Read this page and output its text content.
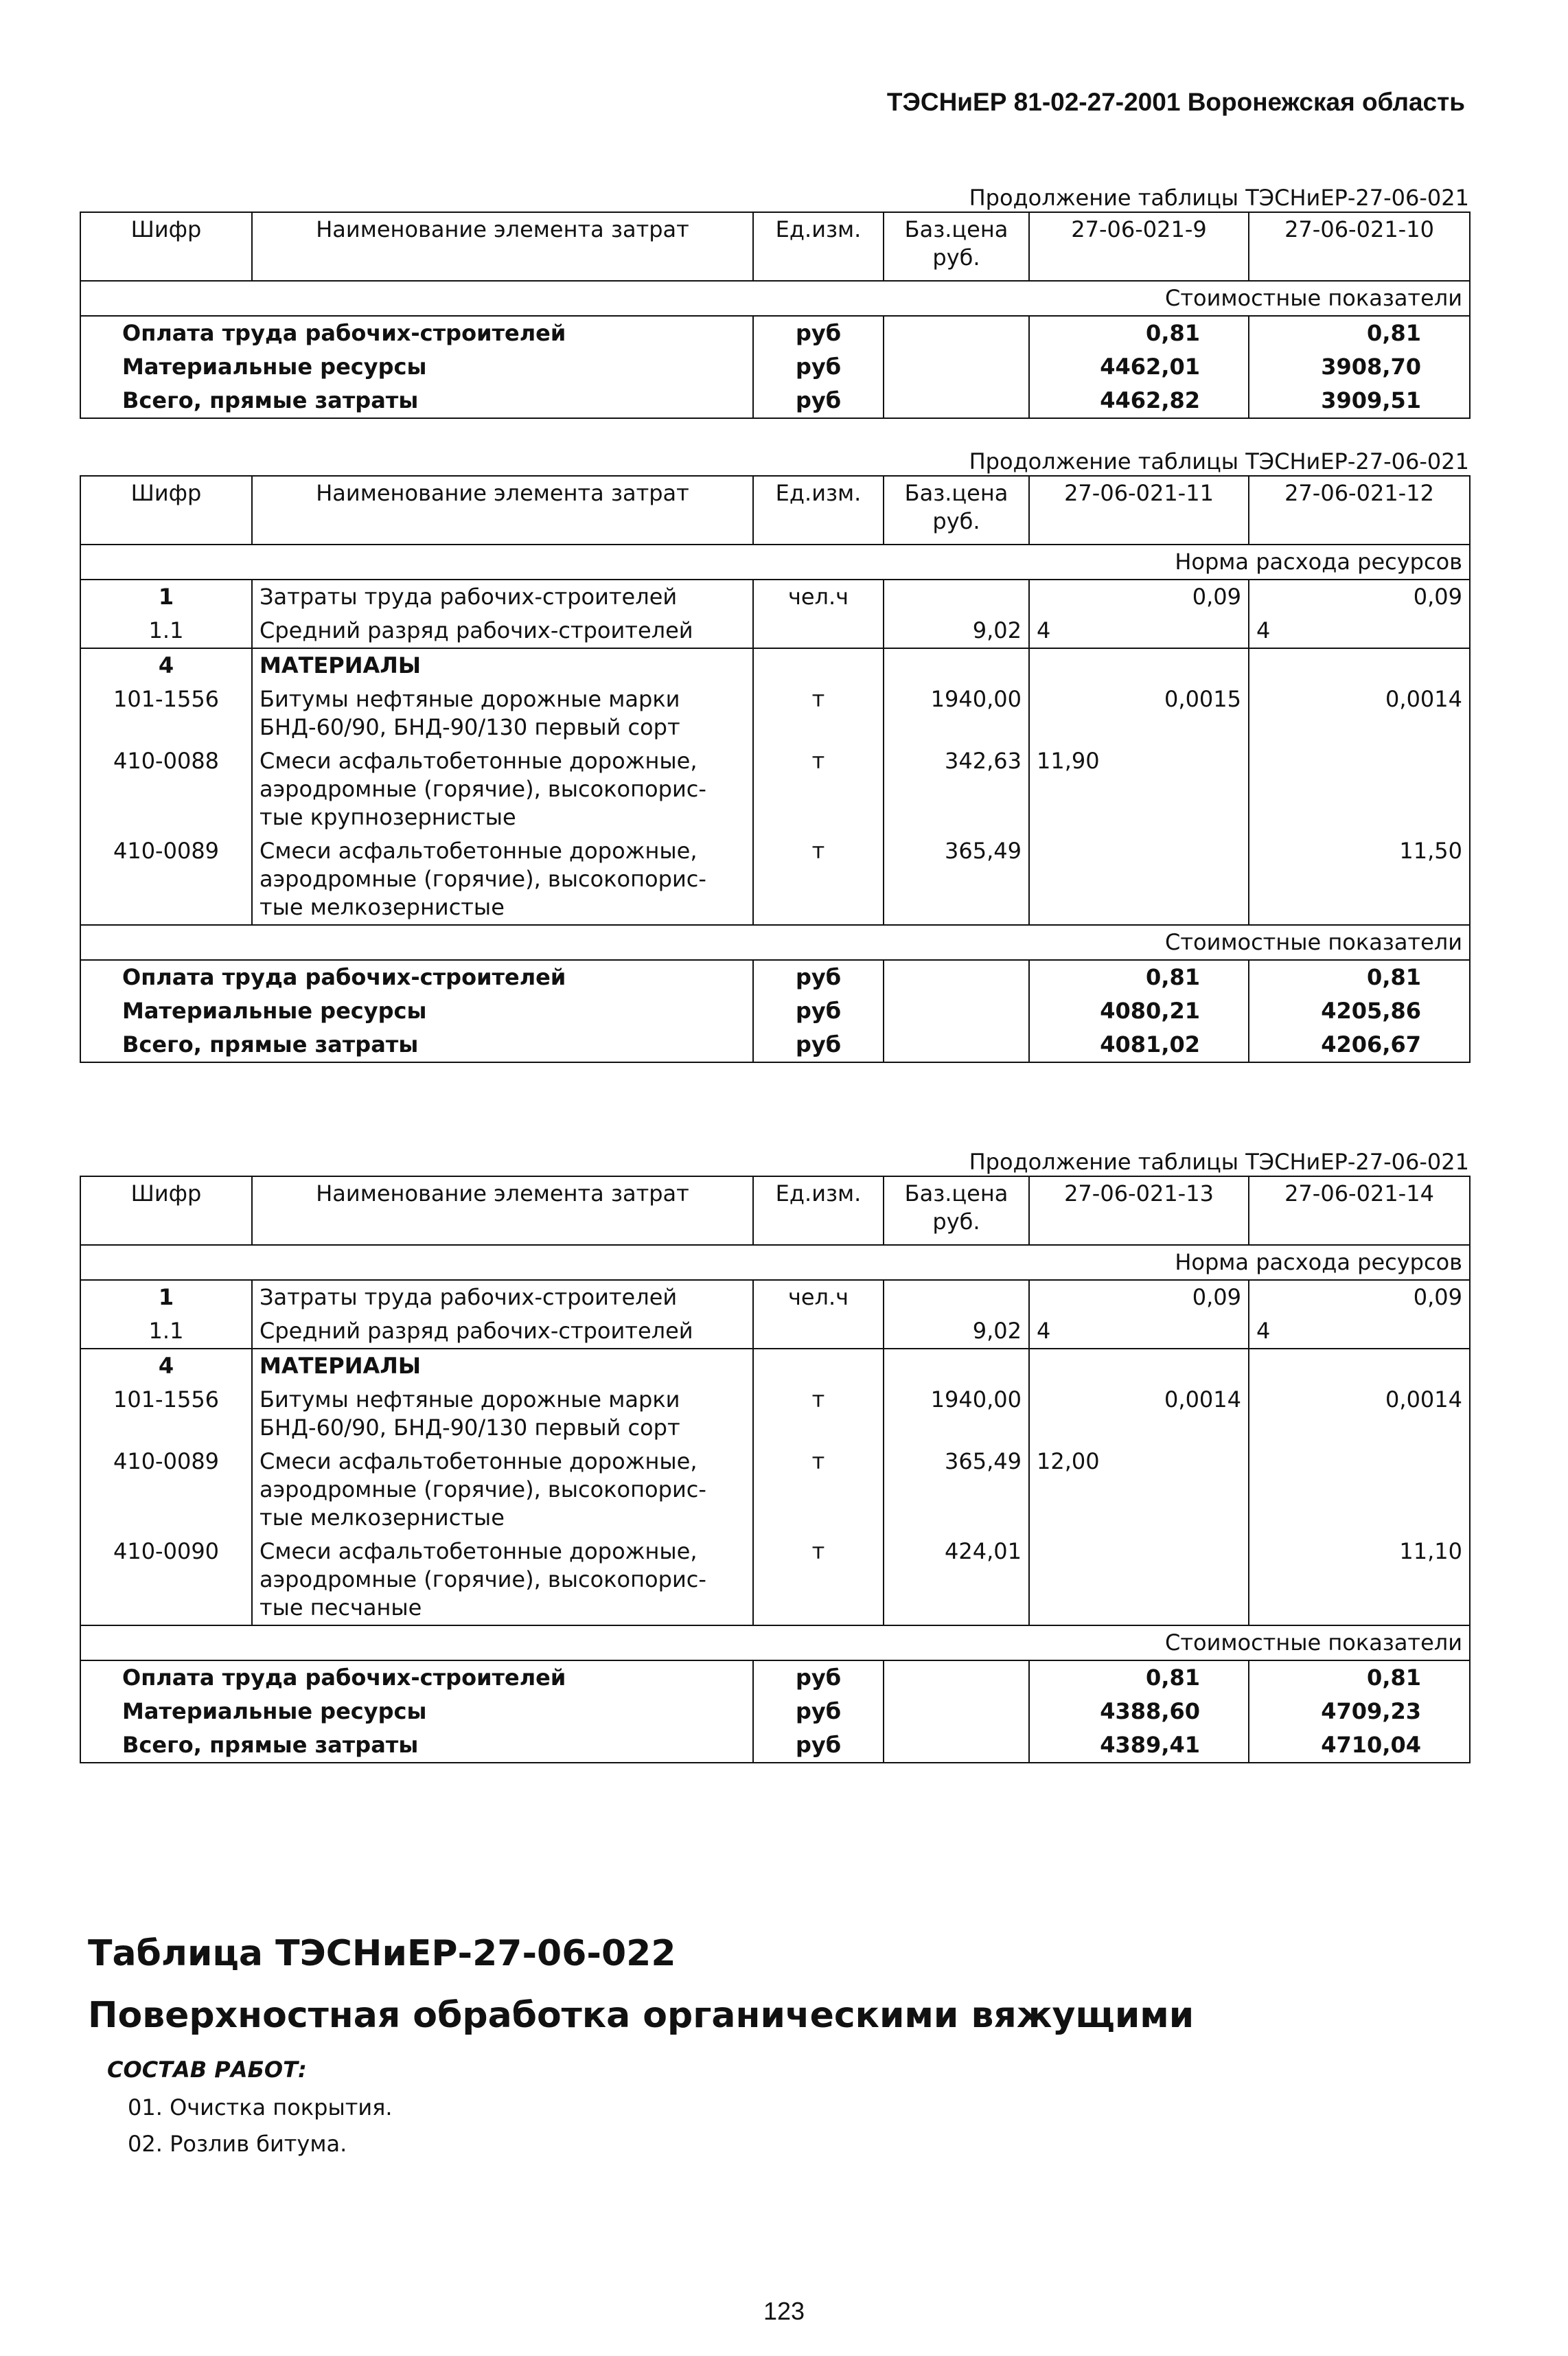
ТЭСНиЕР 81-02-27-2001 Воронежская область
Продолжение таблицы ТЭСНиЕР-27-06-021
Шифр	Наименование элемента затрат	Ед.изм.	Баз.цена руб.	27-06-021-9	27-06-021-10
Стоимостные показатели					
Оплата труда рабочих-строителей		руб		0,81	0,81
Материальные ресурсы		руб		4462,01	3908,70
Всего, прямые затраты		руб		4462,82	3909,51
Продолжение таблицы ТЭСНиЕР-27-06-021
Шифр	Наименование элемента затрат	Ед.изм.	Баз.цена руб.	27-06-021-11	27-06-021-12
Норма расхода ресурсов					
1	Затраты труда рабочих-строителей	чел.ч		0,09	0,09
1.1	Средний разряд рабочих-строителей		9,02	4	4
4	МАТЕРИАЛЫ				
101-1556	Битумы нефтяные дорожные марки БНД-60/90, БНД-90/130 первый сорт	т	1940,00	0,0015	0,0014
410-0088	Смеси асфальтобетонные дорожные, аэродромные (горячие), высокопорис-тые крупнозернистые	т	342,63	11,90	
410-0089	Смеси асфальтобетонные дорожные, аэродромные (горячие), высокопорис-тые мелкозернистые	т	365,49		11,50
Стоимостные показатели					
Оплата труда рабочих-строителей		руб		0,81	0,81
Материальные ресурсы		руб		4080,21	4205,86
Всего, прямые затраты		руб		4081,02	4206,67
Продолжение таблицы ТЭСНиЕР-27-06-021
Шифр	Наименование элемента затрат	Ед.изм.	Баз.цена руб.	27-06-021-13	27-06-021-14
Норма расхода ресурсов					
1	Затраты труда рабочих-строителей	чел.ч		0,09	0,09
1.1	Средний разряд рабочих-строителей		9,02	4	4
4	МАТЕРИАЛЫ				
101-1556	Битумы нефтяные дорожные марки БНД-60/90, БНД-90/130 первый сорт	т	1940,00	0,0014	0,0014
410-0089	Смеси асфальтобетонные дорожные, аэродромные (горячие), высокопорис-тые мелкозернистые	т	365,49	12,00	
410-0090	Смеси асфальтобетонные дорожные, аэродромные (горячие), высокопорис-тые песчаные	т	424,01		11,10
Стоимостные показатели					
Оплата труда рабочих-строителей		руб		0,81	0,81
Материальные ресурсы		руб		4388,60	4709,23
Всего, прямые затраты		руб		4389,41	4710,04
Таблица ТЭСНиЕР-27-06-022
Поверхностная обработка органическими вяжущими
СОСТАВ РАБОТ:
01. Очистка покрытия.
02. Розлив битума.
123
